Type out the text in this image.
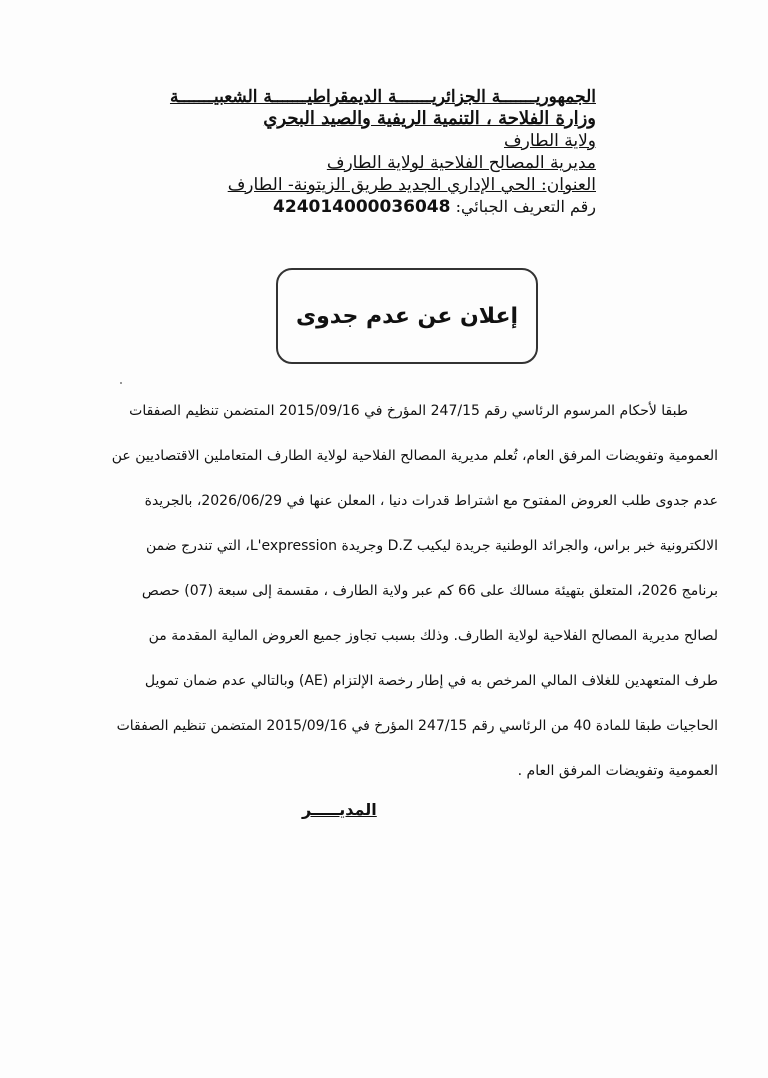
الجمهوريـــــــة الجزائريـــــــة الديمقراطيـــــــة الشعبيـــــــة
وزارة الفلاحة ، التنمية الريفية والصيد البحري
ولاية الطارف
مديرية المصالح الفلاحية لولاية الطارف
العنوان: الحي الإداري الجديد طريق الزيتونة- الطارف
رقم التعريف الجبائي: 424014000036048
إعلان عن عدم جدوى
طبقا لأحكام المرسوم الرئاسي رقم 247/15 المؤرخ في 2015/09/16 المتضمن تنظيم الصفقات
العمومية وتفويضات المرفق العام، تُعلم مديرية المصالح الفلاحية لولاية الطارف المتعاملين الاقتصاديين عن
عدم جدوى طلب العروض المفتوح مع اشتراط قدرات دنيا ، المعلن عنها في 2026/06/29، بالجريدة
الالكترونية خبر براس، والجرائد الوطنية جريدة ليكيب D.Z وجريدة L'expression، التي تندرج ضمن
برنامج 2026، المتعلق بتهيئة مسالك على 66 كم عبر ولاية الطارف ، مقسمة إلى سبعة (07) حصص
لصالح مديرية المصالح الفلاحية لولاية الطارف. وذلك بسبب تجاوز جميع العروض المالية المقدمة من
طرف المتعهدين للغلاف المالي المرخص به في إطار رخصة الإلتزام (AE) وبالتالي عدم ضمان تمويل
الحاجيات طبقا للمادة 40 من الرئاسي رقم 247/15 المؤرخ في 2015/09/16 المتضمن تنظيم الصفقات
العمومية وتفويضات المرفق العام .
المديـــــر
